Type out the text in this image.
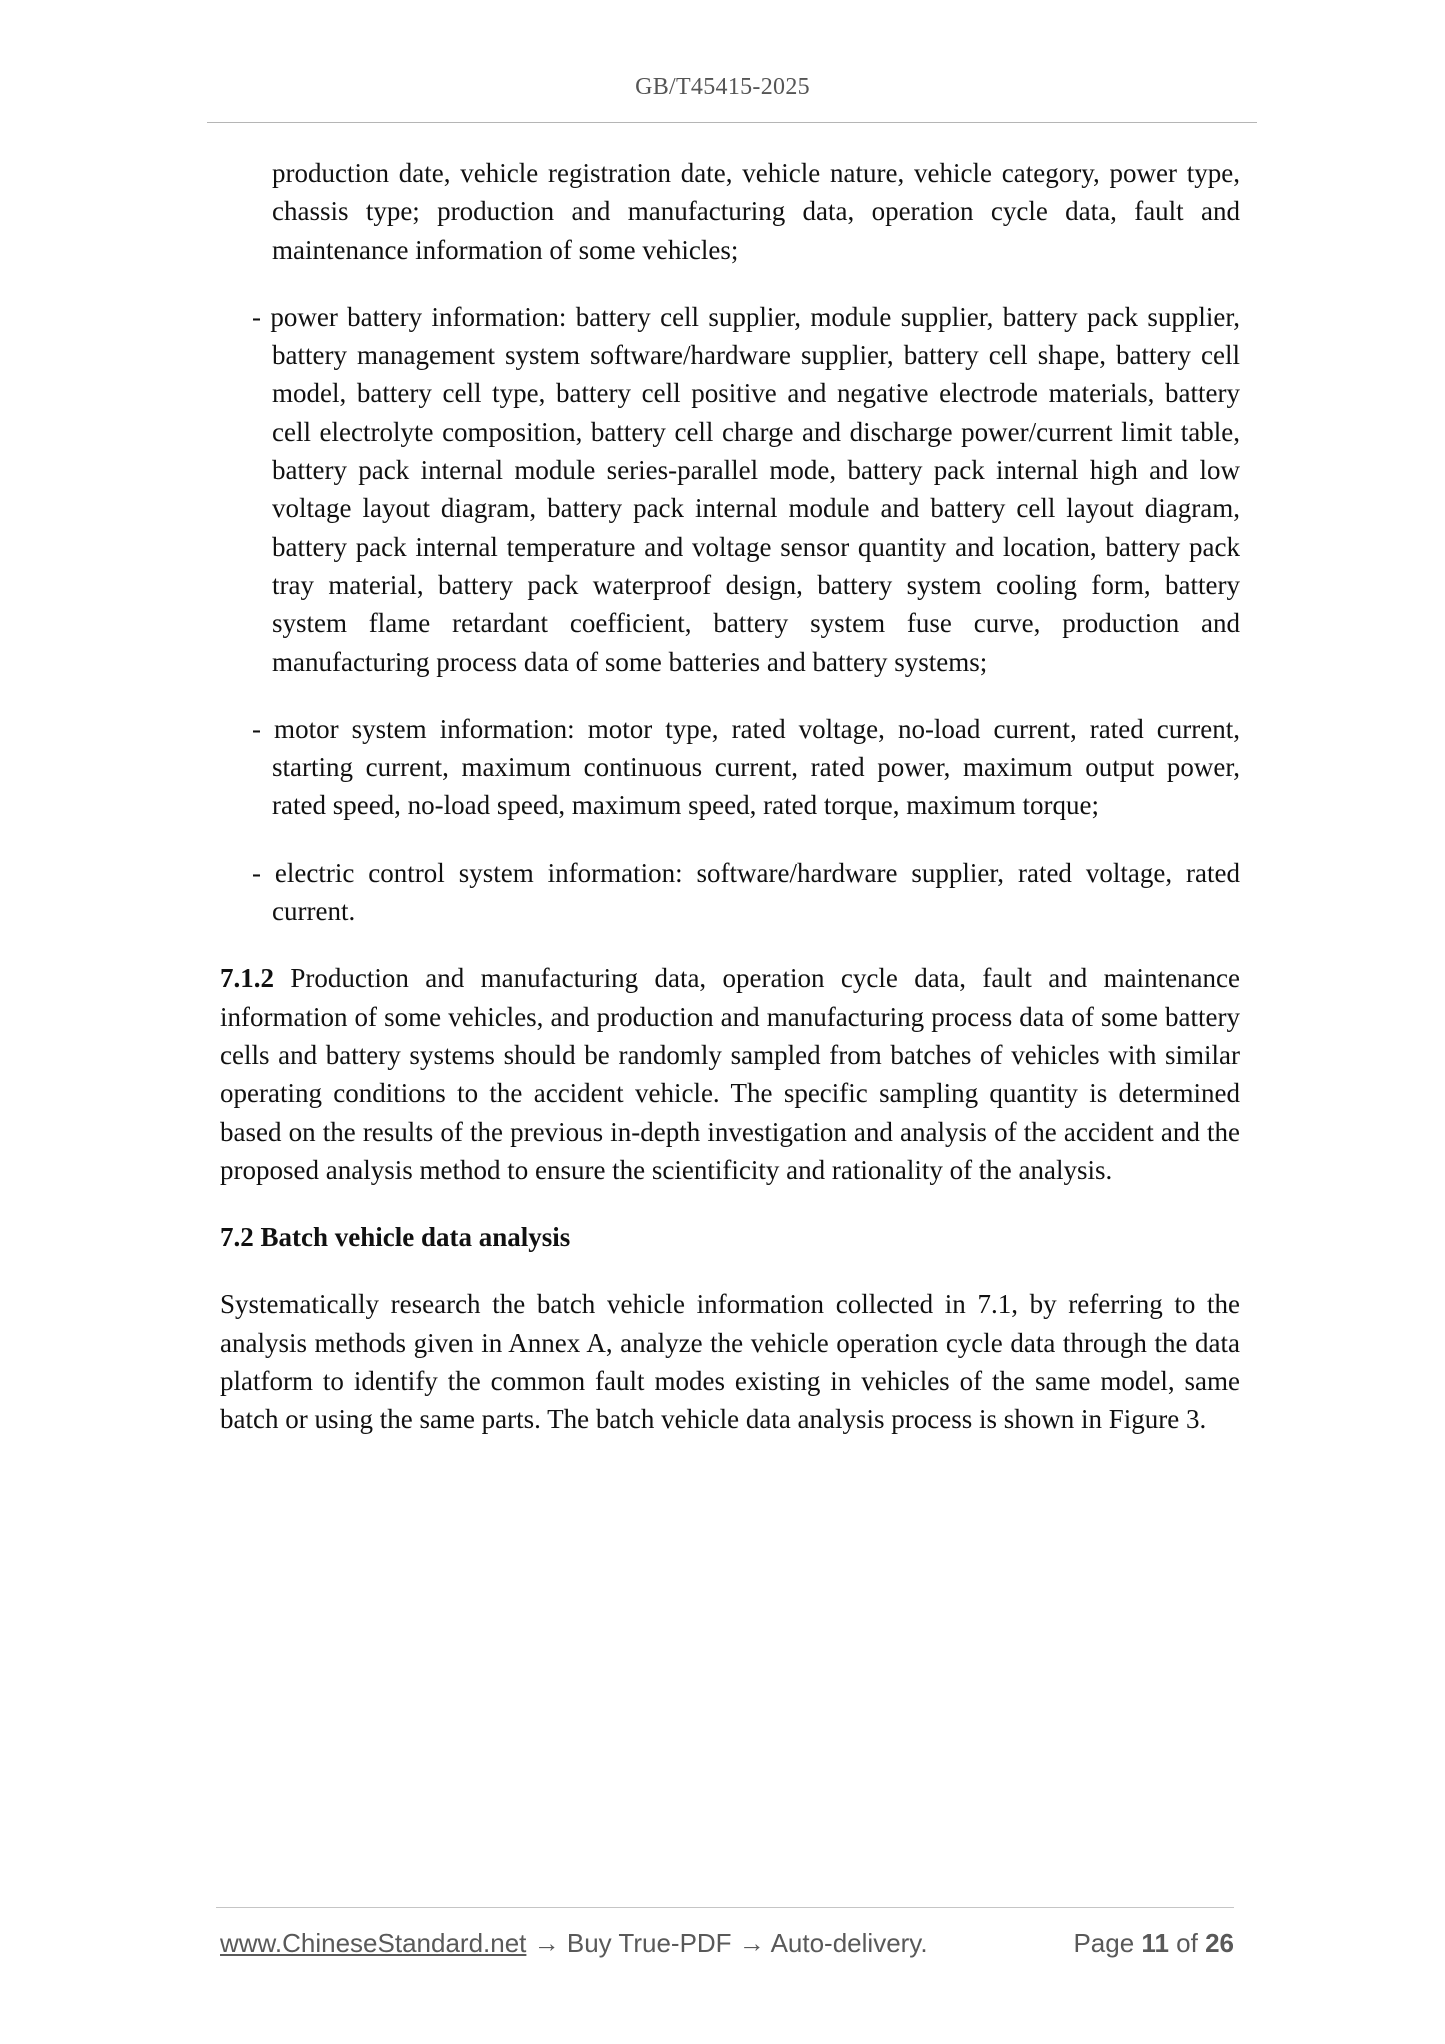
GB/T45415-2025

production date, vehicle registration date, vehicle nature, vehicle category, power type, chassis type; production and manufacturing data, operation cycle data, fault and maintenance information of some vehicles;

- power battery information: battery cell supplier, module supplier, battery pack supplier, battery management system software/hardware supplier, battery cell shape, battery cell model, battery cell type, battery cell positive and negative electrode materials, battery cell electrolyte composition, battery cell charge and discharge power/current limit table, battery pack internal module series-parallel mode, battery pack internal high and low voltage layout diagram, battery pack internal module and battery cell layout diagram, battery pack internal temperature and voltage sensor quantity and location, battery pack tray material, battery pack waterproof design, battery system cooling form, battery system flame retardant coefficient, battery system fuse curve, production and manufacturing process data of some batteries and battery systems;

- motor system information: motor type, rated voltage, no-load current, rated current, starting current, maximum continuous current, rated power, maximum output power, rated speed, no-load speed, maximum speed, rated torque, maximum torque;

- electric control system information: software/hardware supplier, rated voltage, rated current.

7.1.2 Production and manufacturing data, operation cycle data, fault and maintenance information of some vehicles, and production and manufacturing process data of some battery cells and battery systems should be randomly sampled from batches of vehicles with similar operating conditions to the accident vehicle. The specific sampling quantity is determined based on the results of the previous in-depth investigation and analysis of the accident and the proposed analysis method to ensure the scientificity and rationality of the analysis.

7.2 Batch vehicle data analysis

Systematically research the batch vehicle information collected in 7.1, by referring to the analysis methods given in Annex A, analyze the vehicle operation cycle data through the data platform to identify the common fault modes existing in vehicles of the same model, same batch or using the same parts. The batch vehicle data analysis process is shown in Figure 3.

www.ChineseStandard.net → Buy True-PDF → Auto-delivery.	Page 11 of 26
